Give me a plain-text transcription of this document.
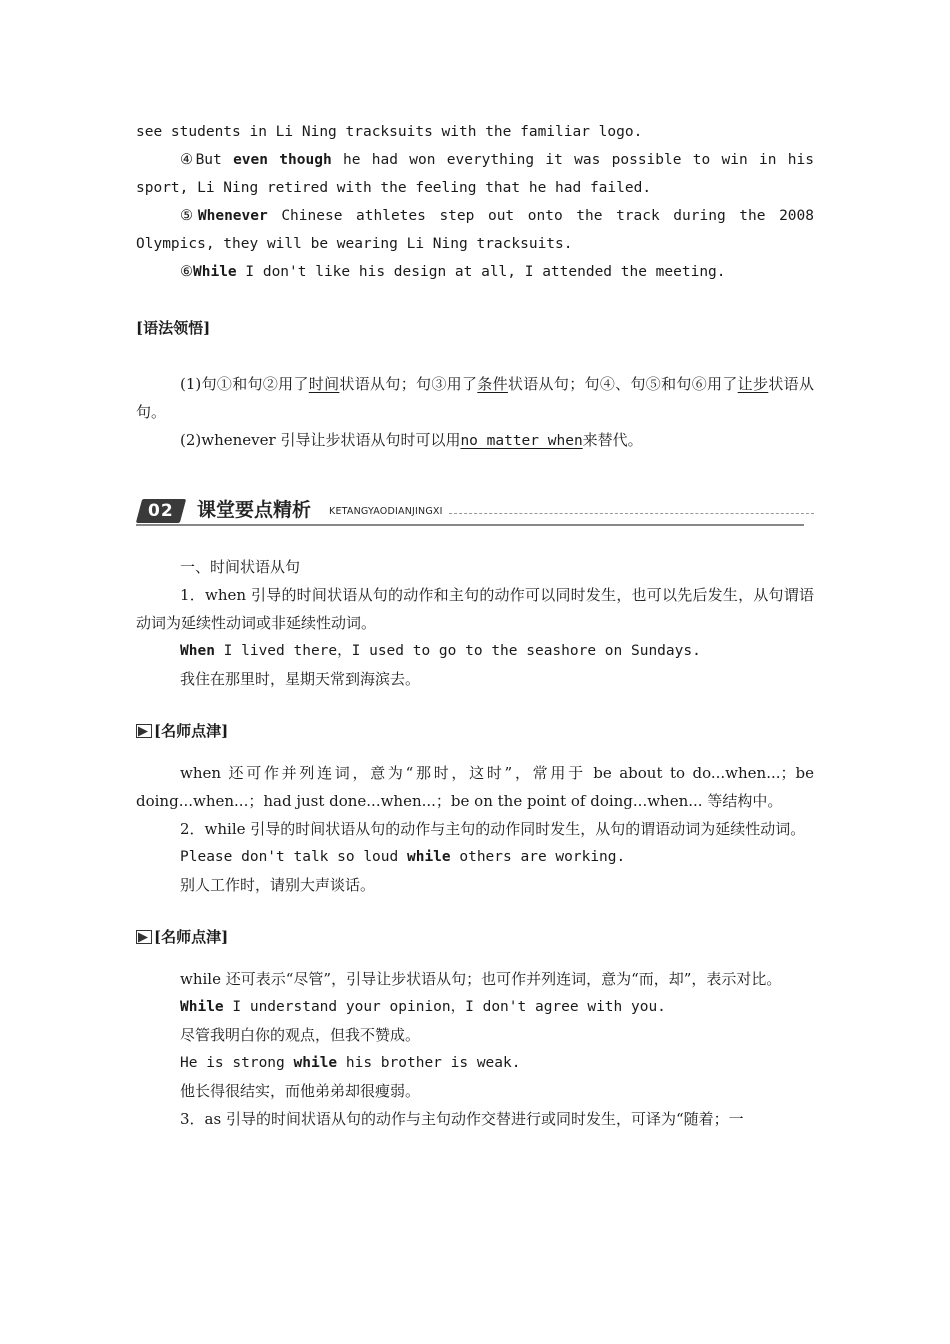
see students in Li Ning tracksuits with the familiar logo.

④But even though he had won everything it was possible to win in his sport, Li Ning retired with the feeling that he had failed.

⑤Whenever Chinese athletes step out onto the track during the 2008 Olympics, they will be wearing Li Ning tracksuits.

⑥While I don't like his design at all, I attended the meeting.

[语法领悟]

(1)句①和句②用了时间状语从句；句③用了条件状语从句；句④、句⑤和句⑥用了让步状语从句。

(2)whenever 引导让步状语从句时可以用no matter when来替代。

02 课堂要点精析 KETANGYAODIANJINGXI

一、时间状语从句

1．when 引导的时间状语从句的动作和主句的动作可以同时发生，也可以先后发生，从句谓语动词为延续性动词或非延续性动词。

When I lived there，I used to go to the seashore on Sundays.

我住在那里时，星期天常到海滨去。

[名师点津]

when 还可作并列连词，意为“那时，这时”，常用于 be about to do...when...；be doing...when...；had just done...when...；be on the point of doing...when... 等结构中。

2．while 引导的时间状语从句的动作与主句的动作同时发生，从句的谓语动词为延续性动词。

Please don't talk so loud while others are working.

别人工作时，请别大声谈话。

[名师点津]

while 还可表示“尽管”，引导让步状语从句；也可作并列连词，意为“而，却”，表示对比。

While I understand your opinion，I don't agree with you.

尽管我明白你的观点，但我不赞成。

He is strong while his brother is weak.

他长得很结实，而他弟弟却很瘦弱。

3．as 引导的时间状语从句的动作与主句动作交替进行或同时发生，可译为“随着；一
